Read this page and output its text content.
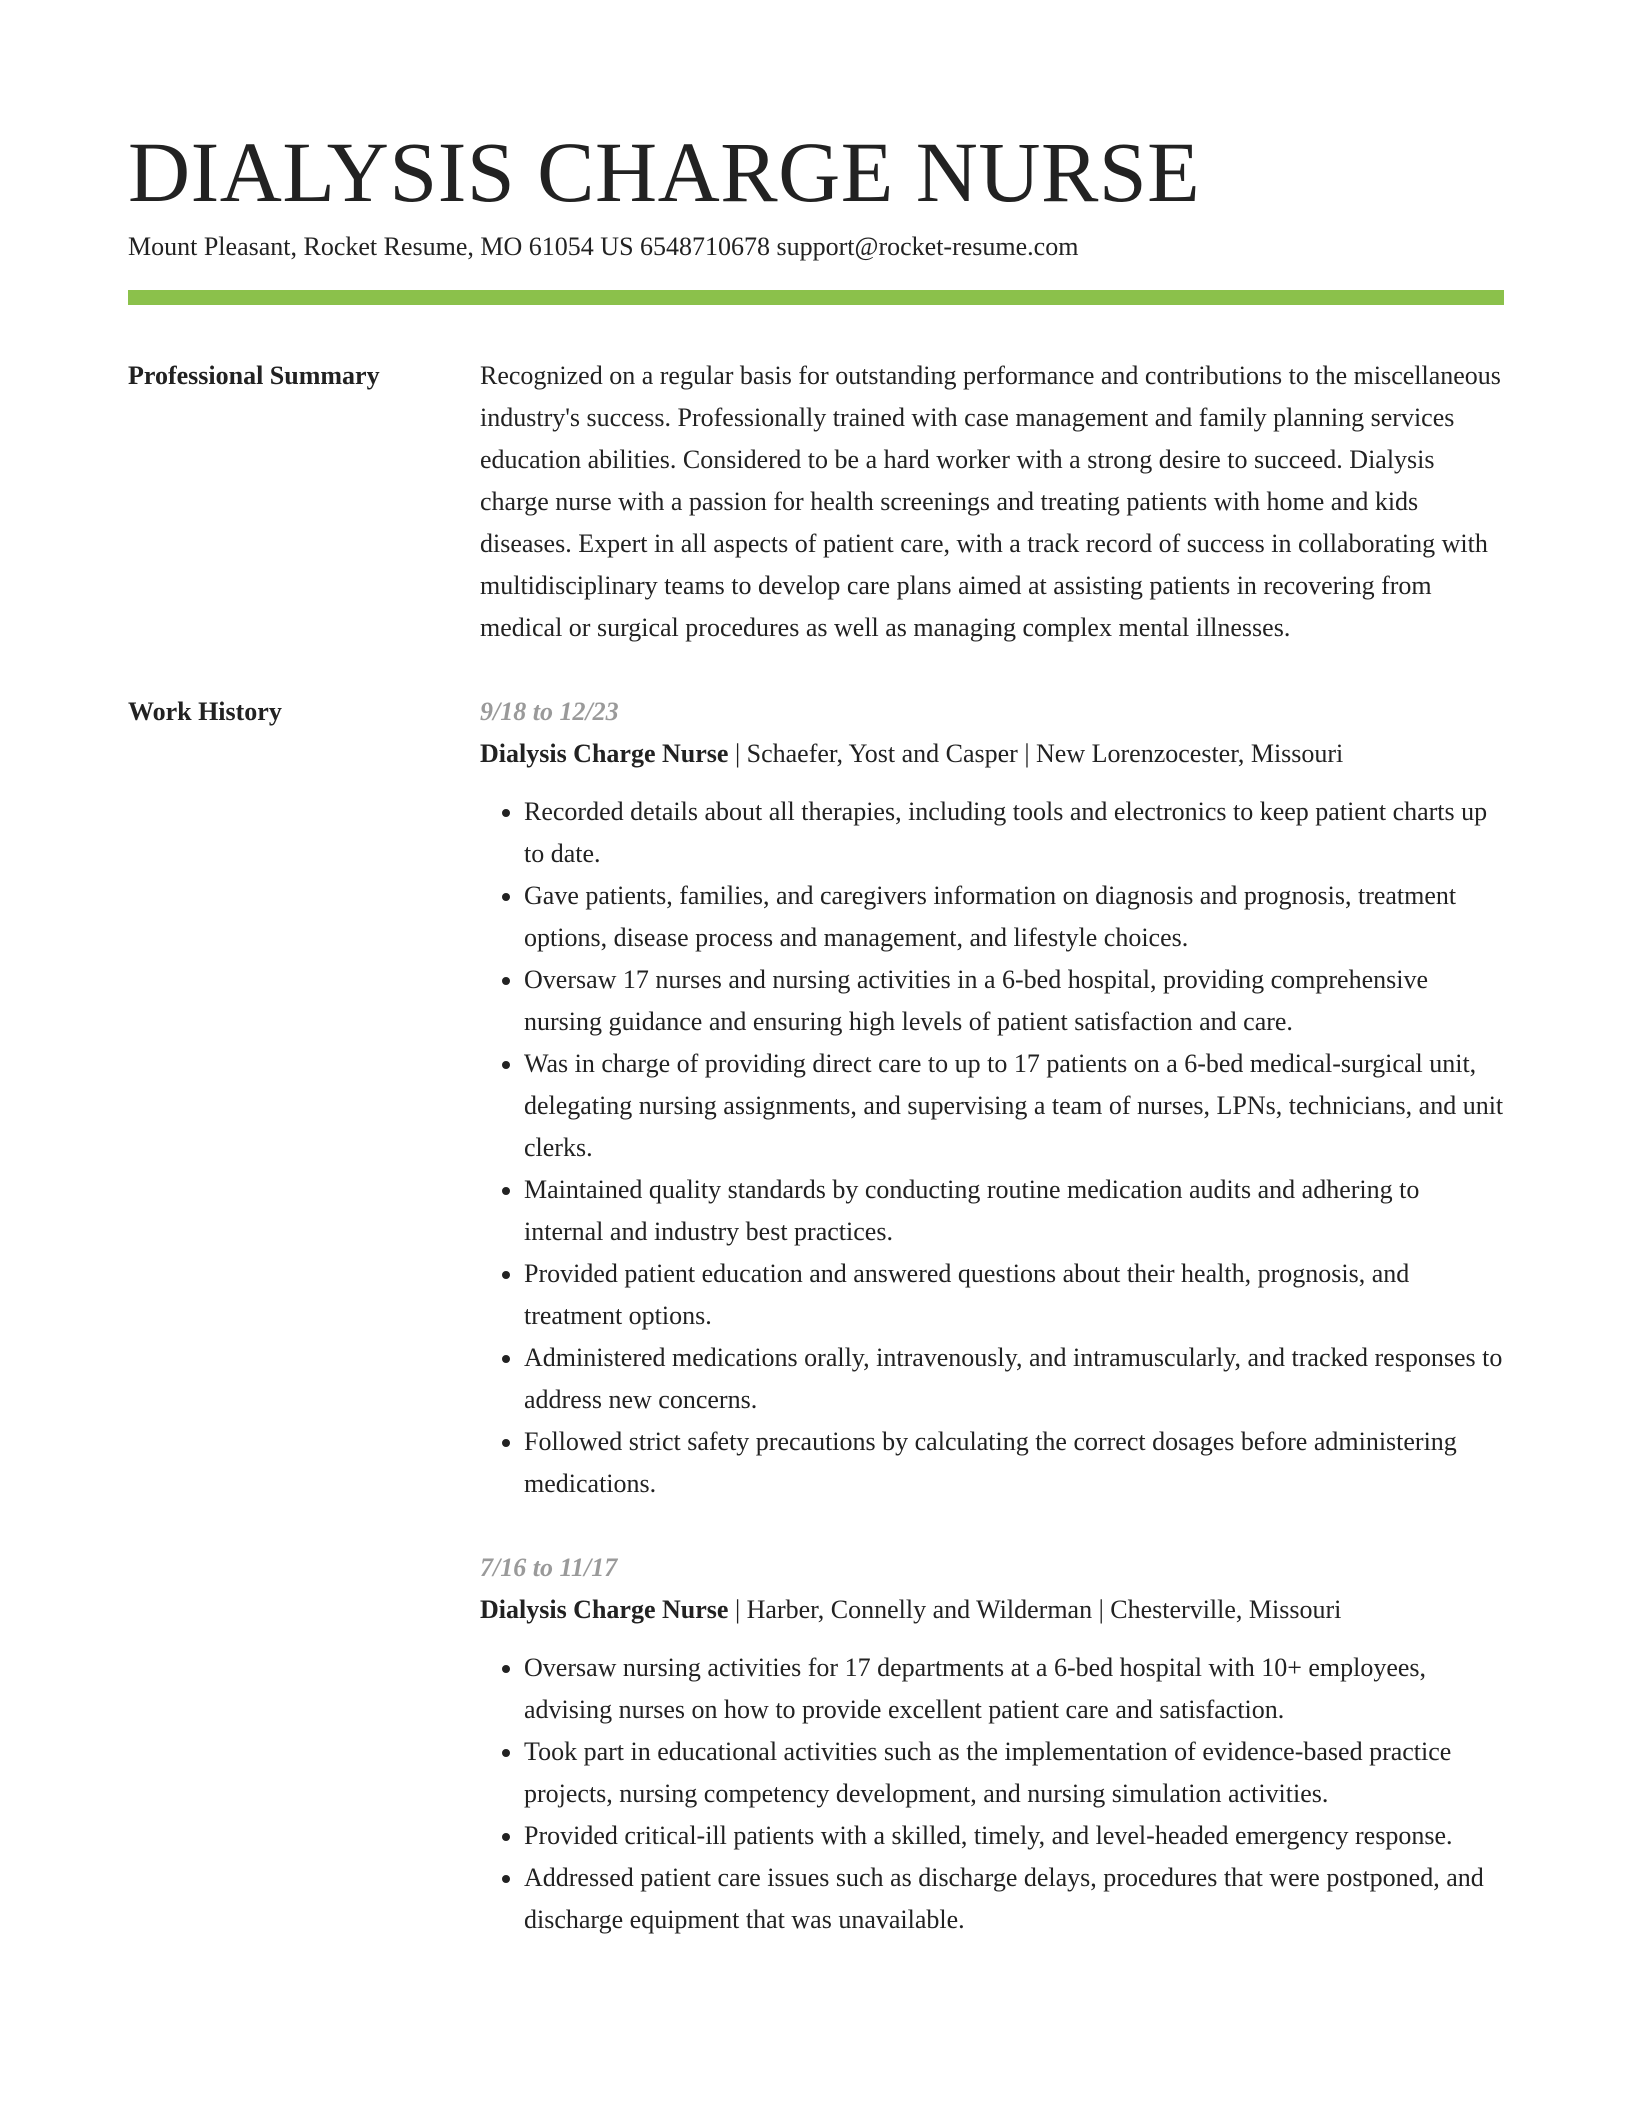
DIALYSIS CHARGE NURSE
Mount Pleasant, Rocket Resume, MO 61054 US 6548710678 support@rocket-resume.com
Professional Summary	Recognized on a regular basis for outstanding performance and contributions to the miscellaneous industry's success. Professionally trained with case management and family planning services education abilities. Considered to be a hard worker with a strong desire to succeed. Dialysis charge nurse with a passion for health screenings and treating patients with home and kids diseases. Expert in all aspects of patient care, with a track record of success in collaborating with multidisciplinary teams to develop care plans aimed at assisting patients in recovering from medical or surgical procedures as well as managing complex mental illnesses.
Work History	9/18 to 12/23
Dialysis Charge Nurse | Schaefer, Yost and Casper | New Lorenzocester, Missouri
• Recorded details about all therapies, including tools and electronics to keep patient charts up to date.
• Gave patients, families, and caregivers information on diagnosis and prognosis, treatment options, disease process and management, and lifestyle choices.
• Oversaw 17 nurses and nursing activities in a 6-bed hospital, providing comprehensive nursing guidance and ensuring high levels of patient satisfaction and care.
• Was in charge of providing direct care to up to 17 patients on a 6-bed medical-surgical unit, delegating nursing assignments, and supervising a team of nurses, LPNs, technicians, and unit clerks.
• Maintained quality standards by conducting routine medication audits and adhering to internal and industry best practices.
• Provided patient education and answered questions about their health, prognosis, and treatment options.
• Administered medications orally, intravenously, and intramuscularly, and tracked responses to address new concerns.
• Followed strict safety precautions by calculating the correct dosages before administering medications.
7/16 to 11/17
Dialysis Charge Nurse | Harber, Connelly and Wilderman | Chesterville, Missouri
• Oversaw nursing activities for 17 departments at a 6-bed hospital with 10+ employees, advising nurses on how to provide excellent patient care and satisfaction.
• Took part in educational activities such as the implementation of evidence-based practice projects, nursing competency development, and nursing simulation activities.
• Provided critical-ill patients with a skilled, timely, and level-headed emergency response.
• Addressed patient care issues such as discharge delays, procedures that were postponed, and discharge equipment that was unavailable.
